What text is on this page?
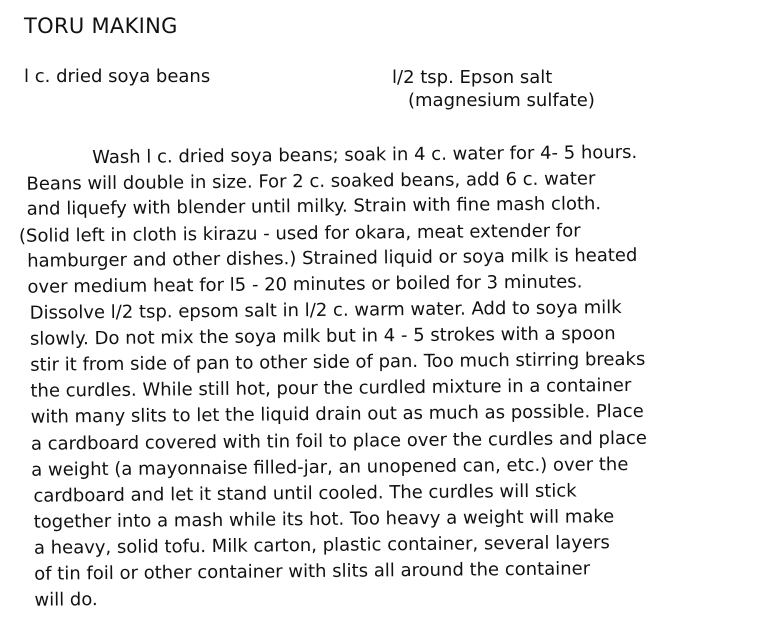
TORU MAKING
l c. dried soya beans	l/2 tsp. Epson salt
(magnesium sulfate)
Wash l c. dried soya beans; soak in 4 c. water for 4- 5 hours.
Beans will double in size. For 2 c. soaked beans, add 6 c. water
and liquefy with blender until milky. Strain with fine mash cloth.
(Solid left in cloth is kirazu - used for okara, meat extender for
hamburger and other dishes.) Strained liquid or soya milk is heated
over medium heat for l5 - 20 minutes or boiled for 3 minutes.
Dissolve l/2 tsp. epsom salt in l/2 c. warm water. Add to soya milk
slowly. Do not mix the soya milk but in 4 - 5 strokes with a spoon
stir it from side of pan to other side of pan. Too much stirring breaks
the curdles. While still hot, pour the curdled mixture in a container
with many slits to let the liquid drain out as much as possible. Place
a cardboard covered with tin foil to place over the curdles and place
a weight (a mayonnaise filled-jar, an unopened can, etc.) over the
cardboard and let it stand until cooled. The curdles will stick
together into a mash while its hot. Too heavy a weight will make
a heavy, solid tofu. Milk carton, plastic container, several layers
of tin foil or other container with slits all around the container
will do.
